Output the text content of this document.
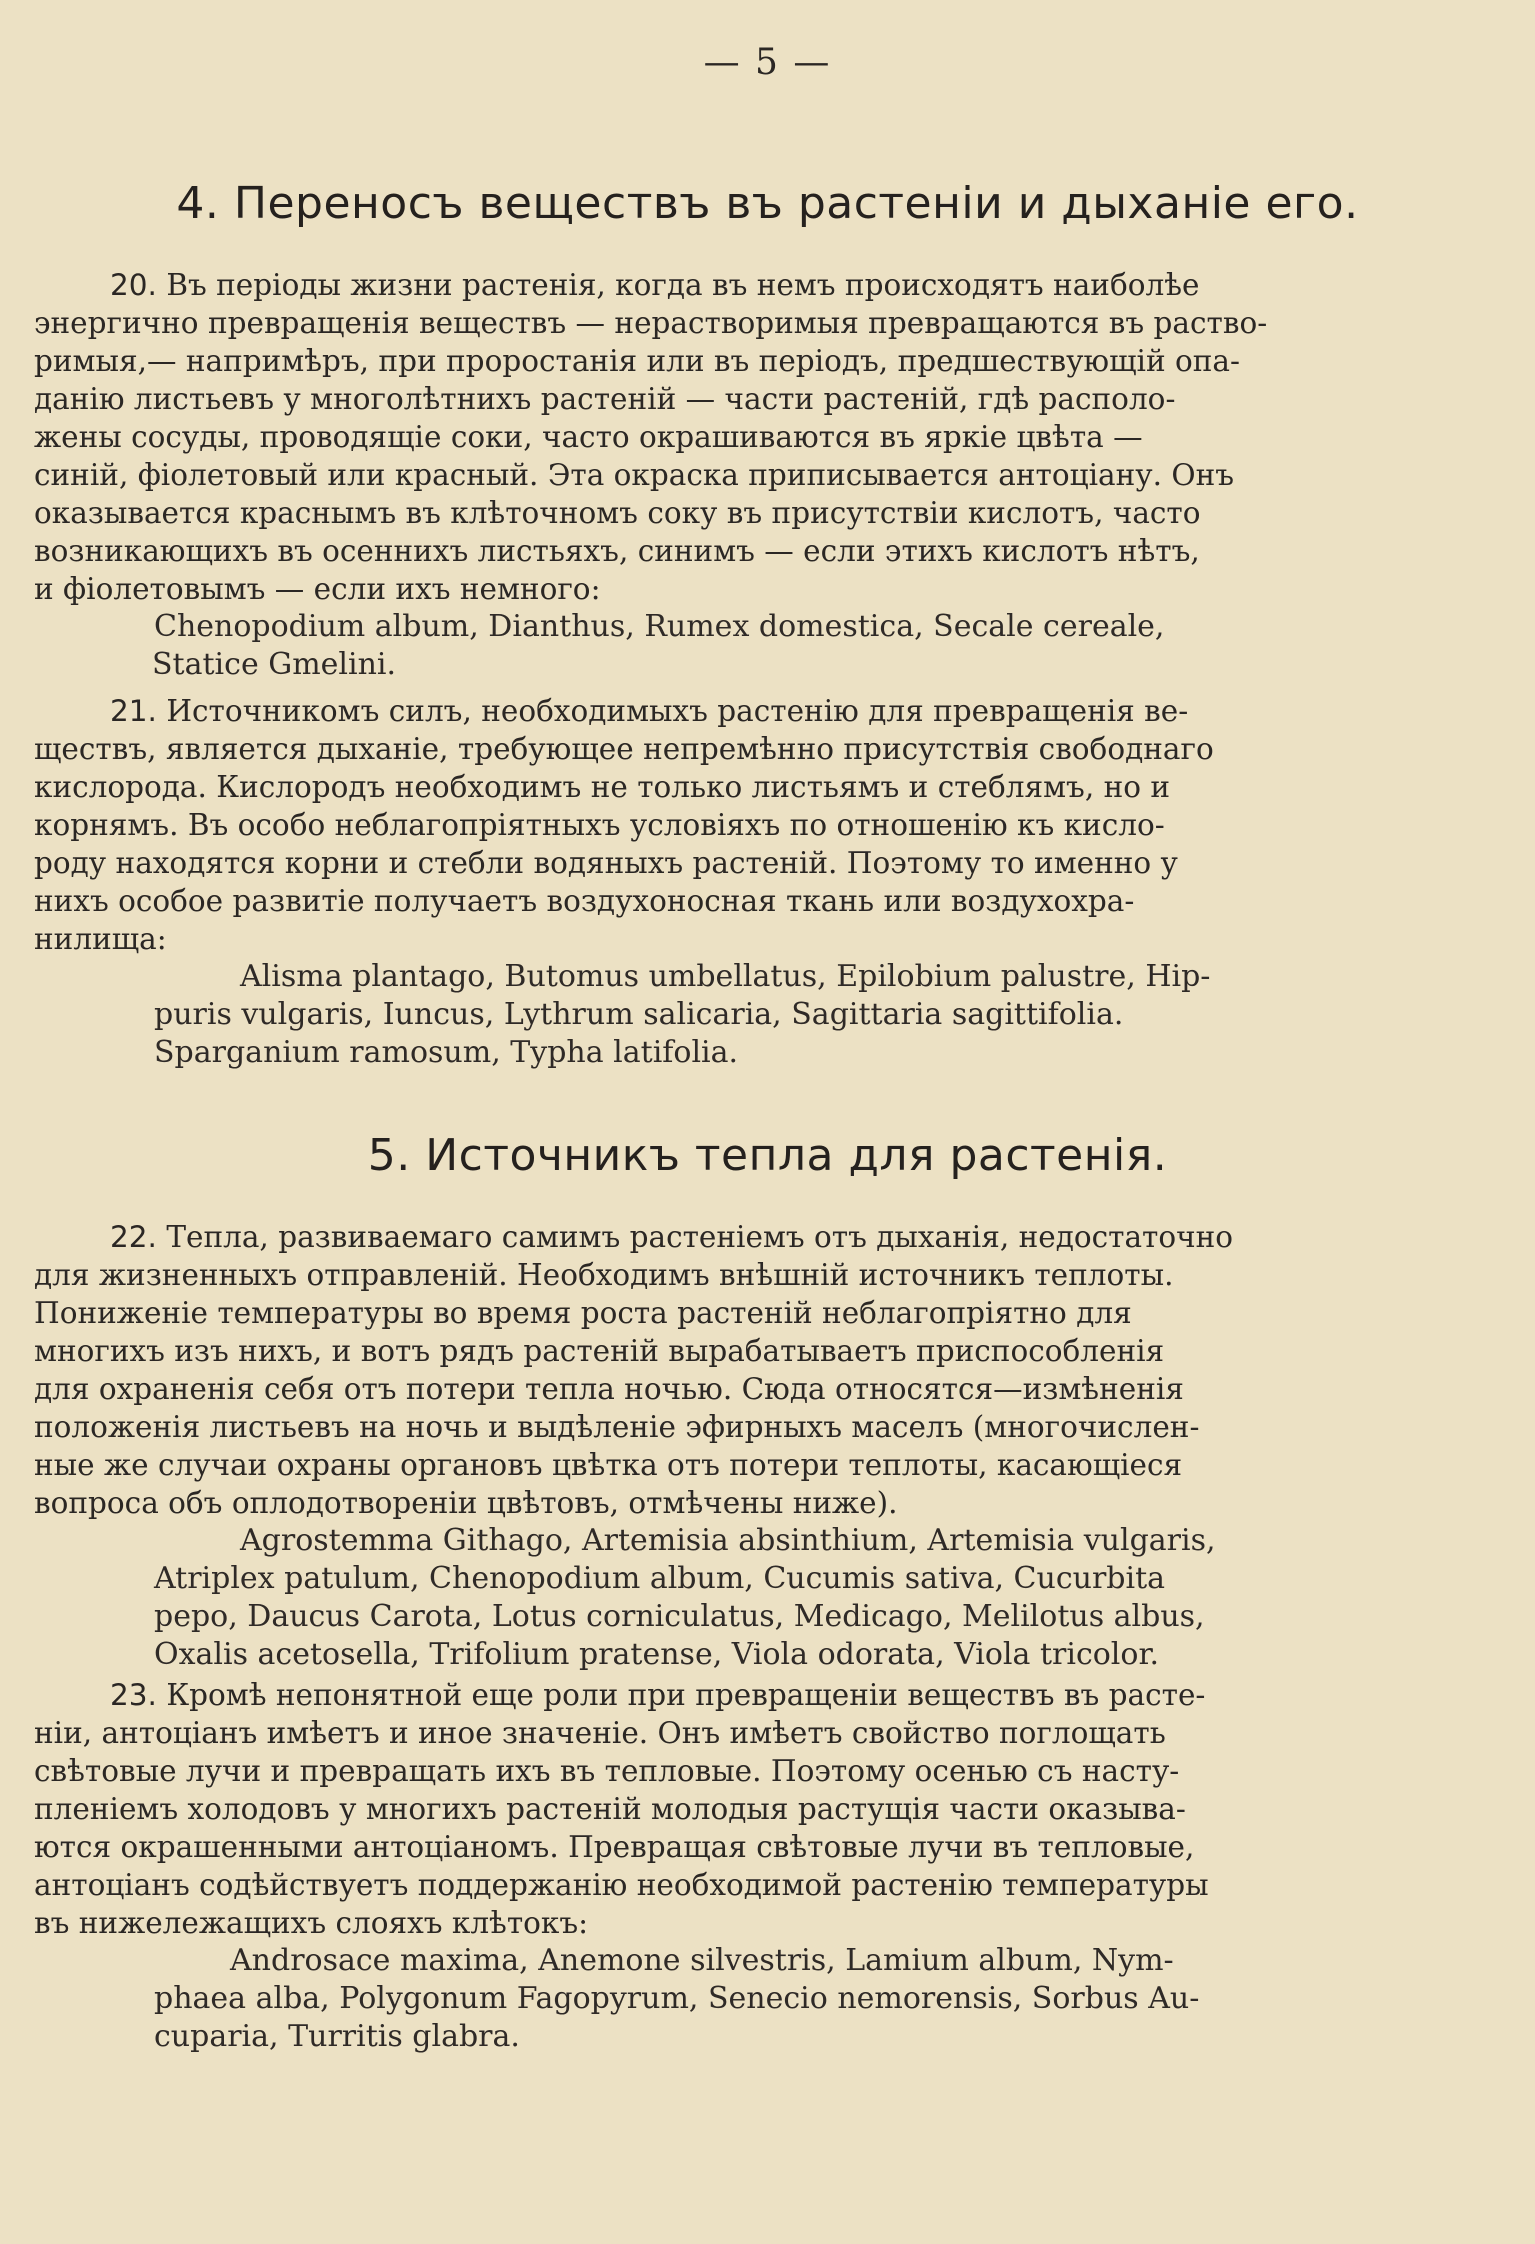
— 5 —
4. Переносъ веществъ въ растеніи и дыханіе его.
20. Въ періоды жизни растенія, когда въ немъ происходятъ наиболѣе
энергично превращенія веществъ — нерастворимыя превращаются въ раство-
римыя,— напримѣръ, при проростанія или въ періодъ, предшествующій опа-
данію листьевъ у многолѣтнихъ растеній — части растеній, гдѣ располо-
жены сосуды, проводящіе соки, часто окрашиваются въ яркіе цвѣта —
синій, фіолетовый или красный. Эта окраска приписывается антоціану. Онъ
оказывается краснымъ въ клѣточномъ соку въ присутствіи кислотъ, часто
возникающихъ въ осеннихъ листьяхъ, синимъ — если этихъ кислотъ нѣтъ,
и фіолетовымъ — если ихъ немного:
Chenopodium album, Dianthus, Rumex domestica, Secale cereale,
Statice Gmelini.
21. Источникомъ силъ, необходимыхъ растенію для превращенія ве-
ществъ, является дыханіе, требующее непремѣнно присутствія свободнаго
кислорода. Кислородъ необходимъ не только листьямъ и стеблямъ, но и
корнямъ. Въ особо неблагопріятныхъ условіяхъ по отношенію къ кисло-
роду находятся корни и стебли водяныхъ растеній. Поэтому то именно у
нихъ особое развитіе получаетъ воздухоносная ткань или воздухохра-
нилища:
Alisma plantago, Butomus umbellatus, Epilobium palustre, Hip-
puris vulgaris, Iuncus, Lythrum salicaria, Sagittaria sagittifolia.
Sparganium ramosum, Typha latifolia.
5. Источникъ тепла для растенія.
22. Тепла, развиваемаго самимъ растеніемъ отъ дыханія, недостаточно
для жизненныхъ отправленій. Необходимъ внѣшній источникъ теплоты.
Пониженіе температуры во время роста растеній неблагопріятно для
многихъ изъ нихъ, и вотъ рядъ растеній вырабатываетъ приспособленія
для охраненія себя отъ потери тепла ночью. Сюда относятся—измѣненія
положенія листьевъ на ночь и выдѣленіе эфирныхъ маселъ (многочислен-
ные же случаи охраны органовъ цвѣтка отъ потери теплоты, касающіеся
вопроса объ оплодотвореніи цвѣтовъ, отмѣчены ниже).
Agrostemma Githago, Artemisia absinthium, Artemisia vulgaris,
Atriplex patulum, Chenopodium album, Cucumis sativa, Cucurbita
pepo, Daucus Carota, Lotus corniculatus, Medicago, Melilotus albus,
Oxalis acetosella, Trifolium pratense, Viola odorata, Viola tricolor.
23. Кромѣ непонятной еще роли при превращеніи веществъ въ расте-
ніи, антоціанъ имѣетъ и иное значеніе. Онъ имѣетъ свойство поглощать
свѣтовые лучи и превращать ихъ въ тепловые. Поэтому осенью съ насту-
пленіемъ холодовъ у многихъ растеній молодыя растущія части оказыва-
ются окрашенными антоціаномъ. Превращая свѣтовые лучи въ тепловые,
антоціанъ содѣйствуетъ поддержанію необходимой растенію температуры
въ нижележащихъ слояхъ клѣтокъ:
Androsace maxima, Anemone silvestris, Lamium album, Nym-
phaea alba, Polygonum Fagopyrum, Senecio nemorensis, Sorbus Au-
cuparia, Turritis glabra.
